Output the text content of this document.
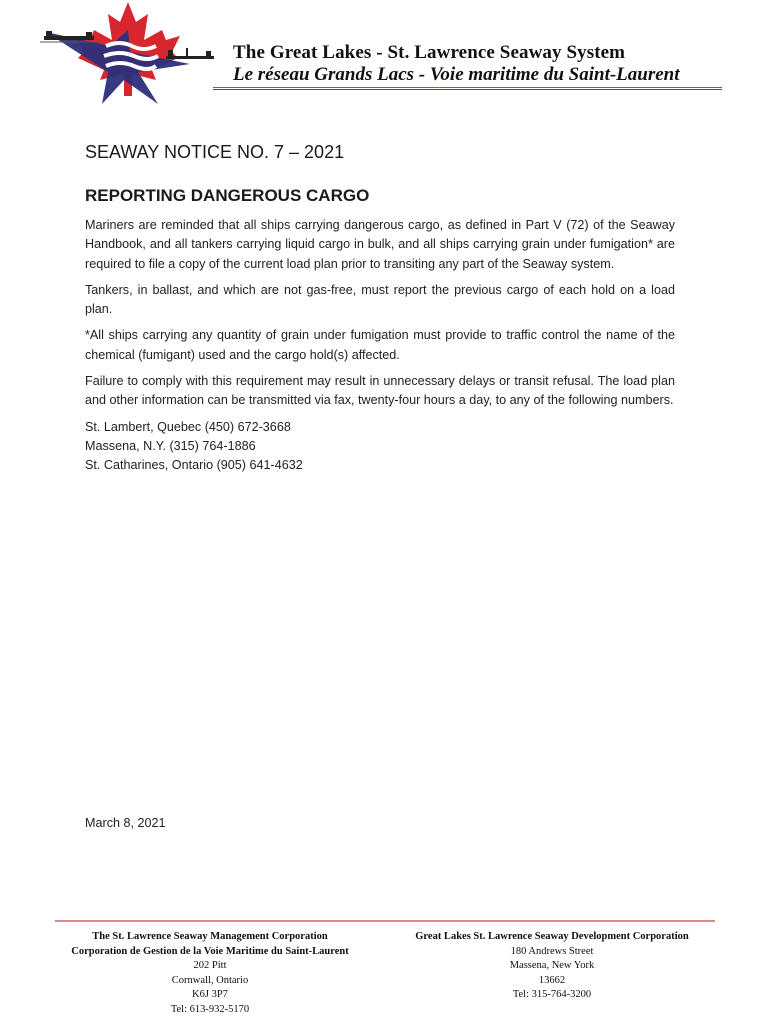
The Great Lakes - St. Lawrence Seaway System
Le réseau Grands Lacs - Voie maritime du Saint-Laurent
SEAWAY NOTICE NO. 7 – 2021
REPORTING DANGEROUS CARGO

Mariners are reminded that all ships carrying dangerous cargo, as defined in Part V (72) of the Seaway Handbook, and all tankers carrying liquid cargo in bulk, and all ships carrying grain under fumigation* are required to file a copy of the current load plan prior to transiting any part of the Seaway system.

Tankers, in ballast, and which are not gas-free, must report the previous cargo of each hold on a load plan.

*All ships carrying any quantity of grain under fumigation must provide to traffic control the name of the chemical (fumigant) used and the cargo hold(s) affected.

Failure to comply with this requirement may result in unnecessary delays or transit refusal. The load plan and other information can be transmitted via fax, twenty-four hours a day, to any of the following numbers.

St. Lambert, Quebec (450) 672-3668
Massena, N.Y. (315) 764-1886
St. Catharines, Ontario (905) 641-4632
March 8, 2021
The St. Lawrence Seaway Management Corporation
Corporation de Gestion de la Voie Maritime du Saint-Laurent
202 Pitt
Cornwall, Ontario
K6J 3P7
Tel: 613-932-5170
Great Lakes St. Lawrence Seaway Development Corporation
180 Andrews Street
Massena, New York
13662
Tel: 315-764-3200
